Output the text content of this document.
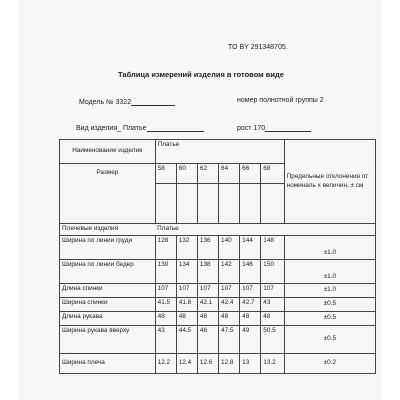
TO BY 291348705.
Таблица измерений изделия в готовом виде
Модель № 3322	номер полнотной группы 2
Вид изделия_ Платье	рост 170
Наименование изделия	Платье						Предельные отклонения от номиналь х величин, ± см
Размер	58	60	62	64	66	68	

Плечевые изделия	Платье						
Ширина по линии груди	128	132	136	140	144	148	±1.0
Ширина по линии бедер	130	134	138	142	146	150	±1.0
Длина спинки	107	107	107	107	107	107	±1.0
Ширина спинки	41.5	41.8	42.1	42.4	42.7	43	±0.5
Длина рукава	48	48	48	48	48	48	±0.5
Ширина рукава вверху	43	44.5	46	47.5	49	50.5	±0.5
Ширина плеча	12.2	12.4	12.6	12.8	13	13.2	±0.2
